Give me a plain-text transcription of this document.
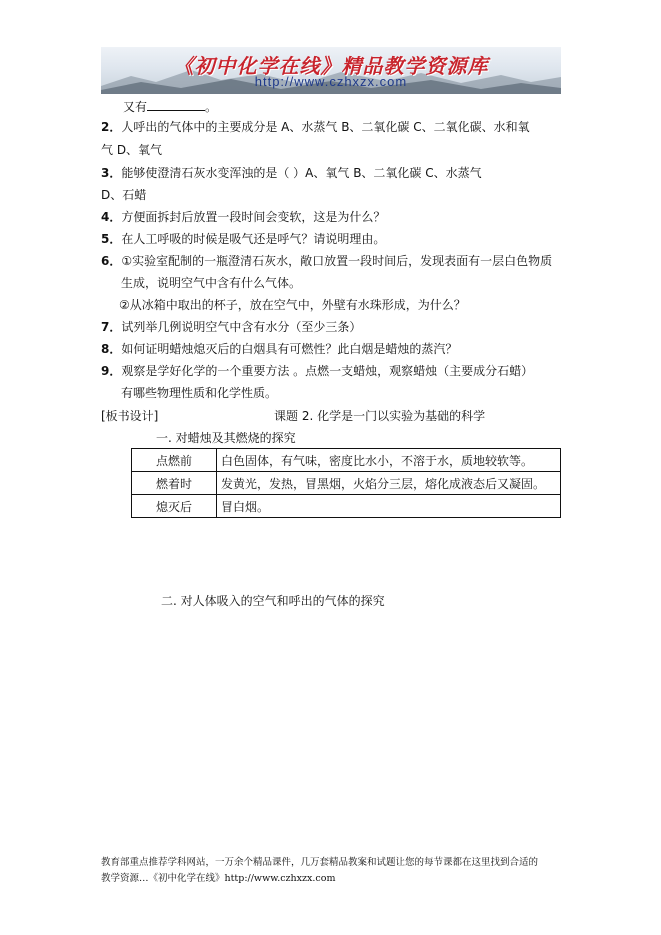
《初中化学在线》精品教学资源库
http://www.czhxzx.com
又有	。
2．人呼出的气体中的主要成分是 A、水蒸气 B、二氧化碳 C、二氧化碳、水和氧
气 D、氧气
3．能够使澄清石灰水变浑浊的是（ ）A、氧气 B、二氧化碳 C、水蒸气
D、石蜡
4．方便面拆封后放置一段时间会变软，这是为什么？
5．在人工呼吸的时候是吸气还是呼气？请说明理由。
6．①实验室配制的一瓶澄清石灰水，敞口放置一段时间后，发现表面有一层白色物质
生成，说明空气中含有什么气体。
②从冰箱中取出的杯子，放在空气中，外壁有水珠形成，为什么？
7．试列举几例说明空气中含有水分（至少三条）
8．如何证明蜡烛熄灭后的白烟具有可燃性？此白烟是蜡烛的蒸汽？
9．观察是学好化学的一个重要方法 。点燃一支蜡烛，观察蜡烛（主要成分石蜡）
有哪些物理性质和化学性质。
[板书设计]	课题 2. 化学是一门以实验为基础的科学
一. 对蜡烛及其燃烧的探究
点燃前	白色固体，有气味，密度比水小，不溶于水，质地较软等。
燃着时	发黄光，发热，冒黑烟，火焰分三层，熔化成液态后又凝固。
熄灭后	冒白烟。
二. 对人体吸入的空气和呼出的气体的探究
教育部重点推荐学科网站，一万余个精品课件，几万套精品教案和试题让您的每节课都在这里找到合适的
教学资源…《初中化学在线》http://www.czhxzx.com
